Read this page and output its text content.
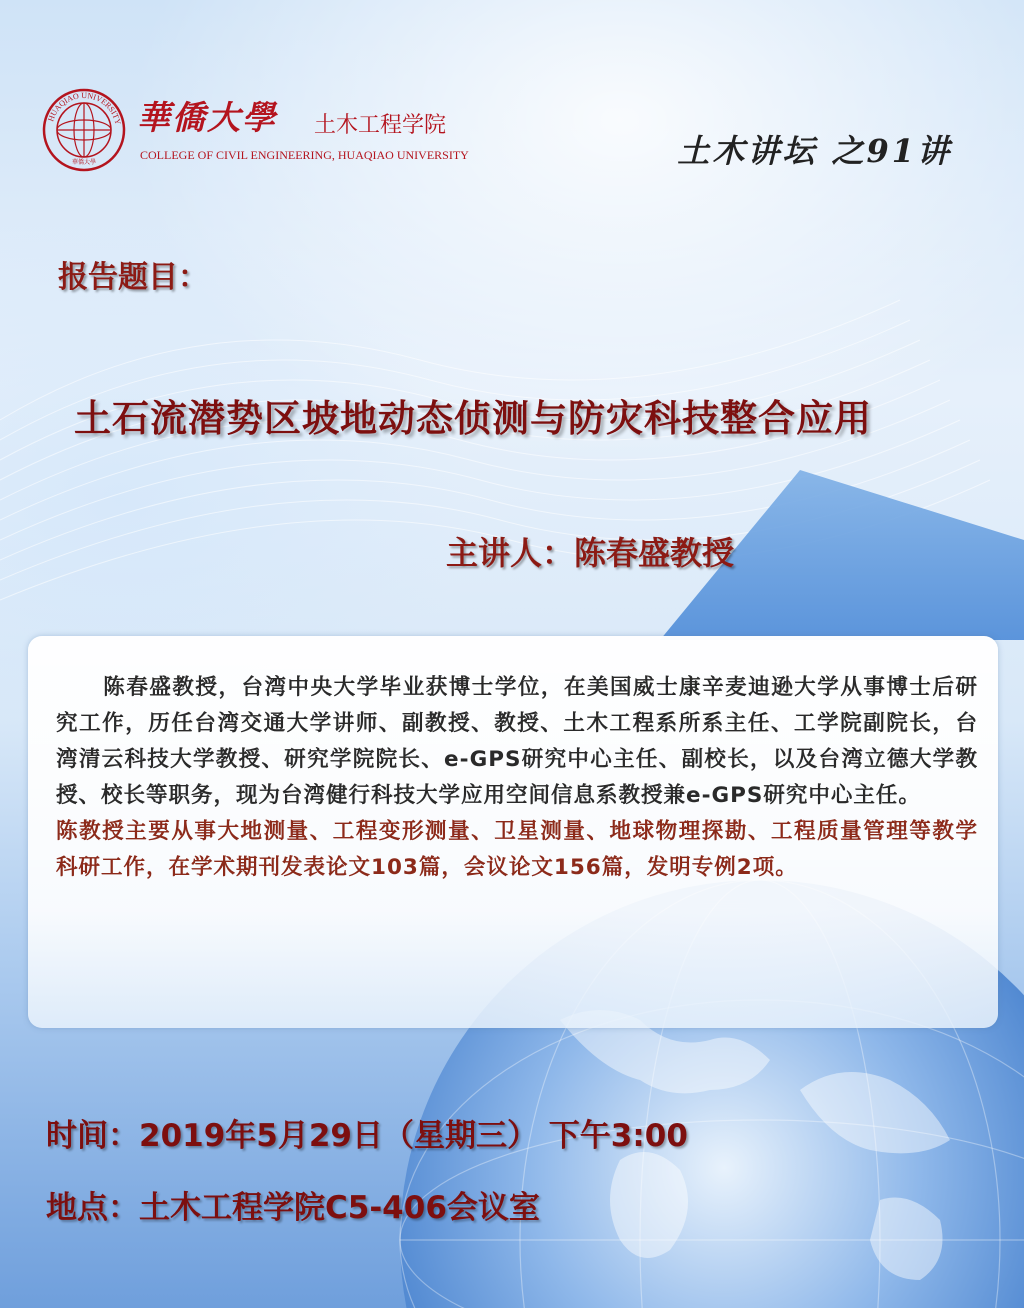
HUAQIAO UNIVERSITY
華僑大學
華僑大學 土木工程学院
COLLEGE OF CIVIL ENGINEERING, HUAQIAO UNIVERSITY	土木讲坛 之91讲
报告题目：
土石流潜势区坡地动态侦测与防灾科技整合应用
主讲人：陈春盛教授
陈春盛教授，台湾中央大学毕业获博士学位，在美国威士康辛麦迪逊大学从事博士后研究工作，历任台湾交通大学讲师、副教授、教授、土木工程系所系主任、工学院副院长，台湾清云科技大学教授、研究学院院长、e-GPS研究中心主任、副校长，以及台湾立德大学教授、校长等职务，现为台湾健行科技大学应用空间信息系教授兼e-GPS研究中心主任。
陈教授主要从事大地测量、工程变形测量、卫星测量、地球物理探勘、工程质量管理等教学科研工作，在学术期刊发表论文103篇，会议论文156篇，发明专例2项。
时间：2019年5月29日（星期三） 下午3:00
地点：土木工程学院C5-406会议室
